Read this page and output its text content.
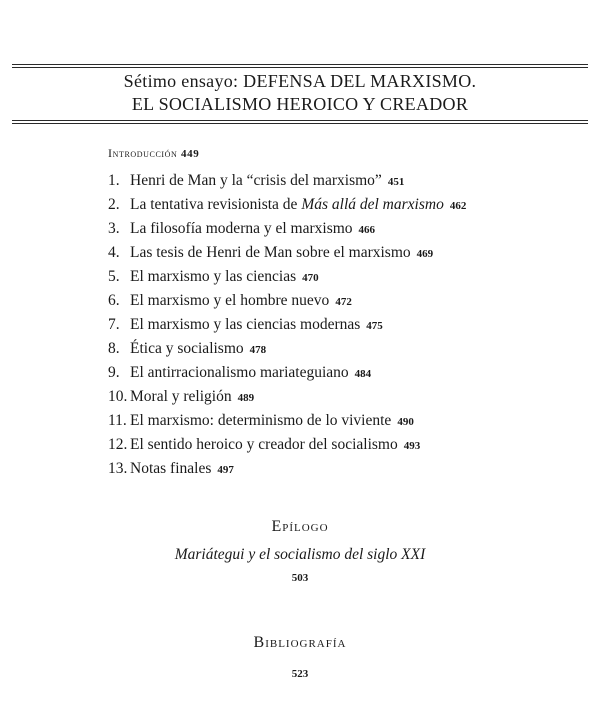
Sétimo ensayo: DEFENSA DEL MARXISMO.
EL SOCIALISMO HEROICO Y CREADOR
Introducción 449
1. Henri de Man y la “crisis del marxismo” 451
2. La tentativa revisionista de Más allá del marxismo 462
3. La filosofía moderna y el marxismo 466
4. Las tesis de Henri de Man sobre el marxismo 469
5. El marxismo y las ciencias 470
6. El marxismo y el hombre nuevo 472
7. El marxismo y las ciencias modernas 475
8. Ética y socialismo 478
9. El antirracionalismo mariateguiano 484
10. Moral y religión 489
11. El marxismo: determinismo de lo viviente 490
12. El sentido heroico y creador del socialismo 493
13. Notas finales 497
Epílogo
Mariátegui y el socialismo del siglo XXI
503
Bibliografía
523
